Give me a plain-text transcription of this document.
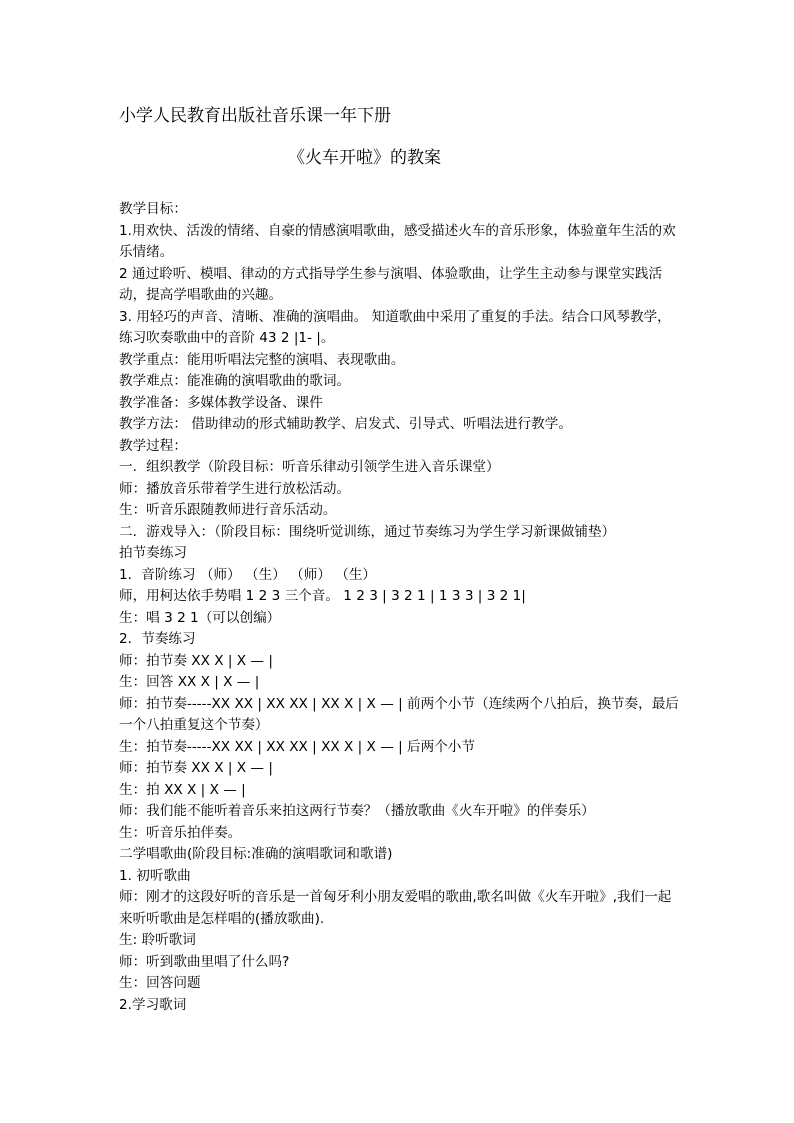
小学人民教育出版社音乐课一年下册
《火车开啦》的教案

教学目标：

1.用欢快、活泼的情绪、自豪的情感演唱歌曲，感受描述火车的音乐形象，体验童年生活的欢乐情绪。

2 通过聆听、模唱、律动的方式指导学生参与演唱、体验歌曲，让学生主动参与课堂实践活动，提高学唱歌曲的兴趣。

3. 用轻巧的声音、清晰、准确的演唱曲。 知道歌曲中采用了重复的手法。结合口风琴教学，练习吹奏歌曲中的音阶 43 2 |1- |。

教学重点：能用听唱法完整的演唱、表现歌曲。

教学难点：能准确的演唱歌曲的歌词。

教学准备：多媒体教学设备、课件

教学方法： 借助律动的形式辅助教学、启发式、引导式、听唱法进行教学。

教学过程：

一．组织教学（阶段目标：听音乐律动引领学生进入音乐课堂）

师：播放音乐带着学生进行放松活动。

生：听音乐跟随教师进行音乐活动。

二．游戏导入：（阶段目标：围绕听觉训练，通过节奏练习为学生学习新课做铺垫）

拍节奏练习

1．音阶练习 （师） （生） （师） （生）

师，用柯达依手势唱 1 2 3 三个音。 1 2 3 | 3 2 1 | 1 3 3 | 3 2 1|

生：唱 3 2 1（可以创编）

2．节奏练习

师：拍节奏 XX X | X — |

生：回答 XX X | X — |

师：拍节奏-----XX XX | XX XX | XX X | X — | 前两个小节（连续两个八拍后，换节奏，最后一个八拍重复这个节奏）

生：拍节奏-----XX XX | XX XX | XX X | X — | 后两个小节

师：拍节奏 XX X | X — |

生：拍 XX X | X — |

师：我们能不能听着音乐来拍这两行节奏？（播放歌曲《火车开啦》的伴奏乐）

生：听音乐拍伴奏。

二学唱歌曲(阶段目标:准确的演唱歌词和歌谱)

1. 初听歌曲

师：刚才的这段好听的音乐是一首匈牙利小朋友爱唱的歌曲,歌名叫做《火车开啦》,我们一起来听听歌曲是怎样唱的(播放歌曲).

生: 聆听歌词

师：听到歌曲里唱了什么吗?

生：回答问题

2.学习歌词
